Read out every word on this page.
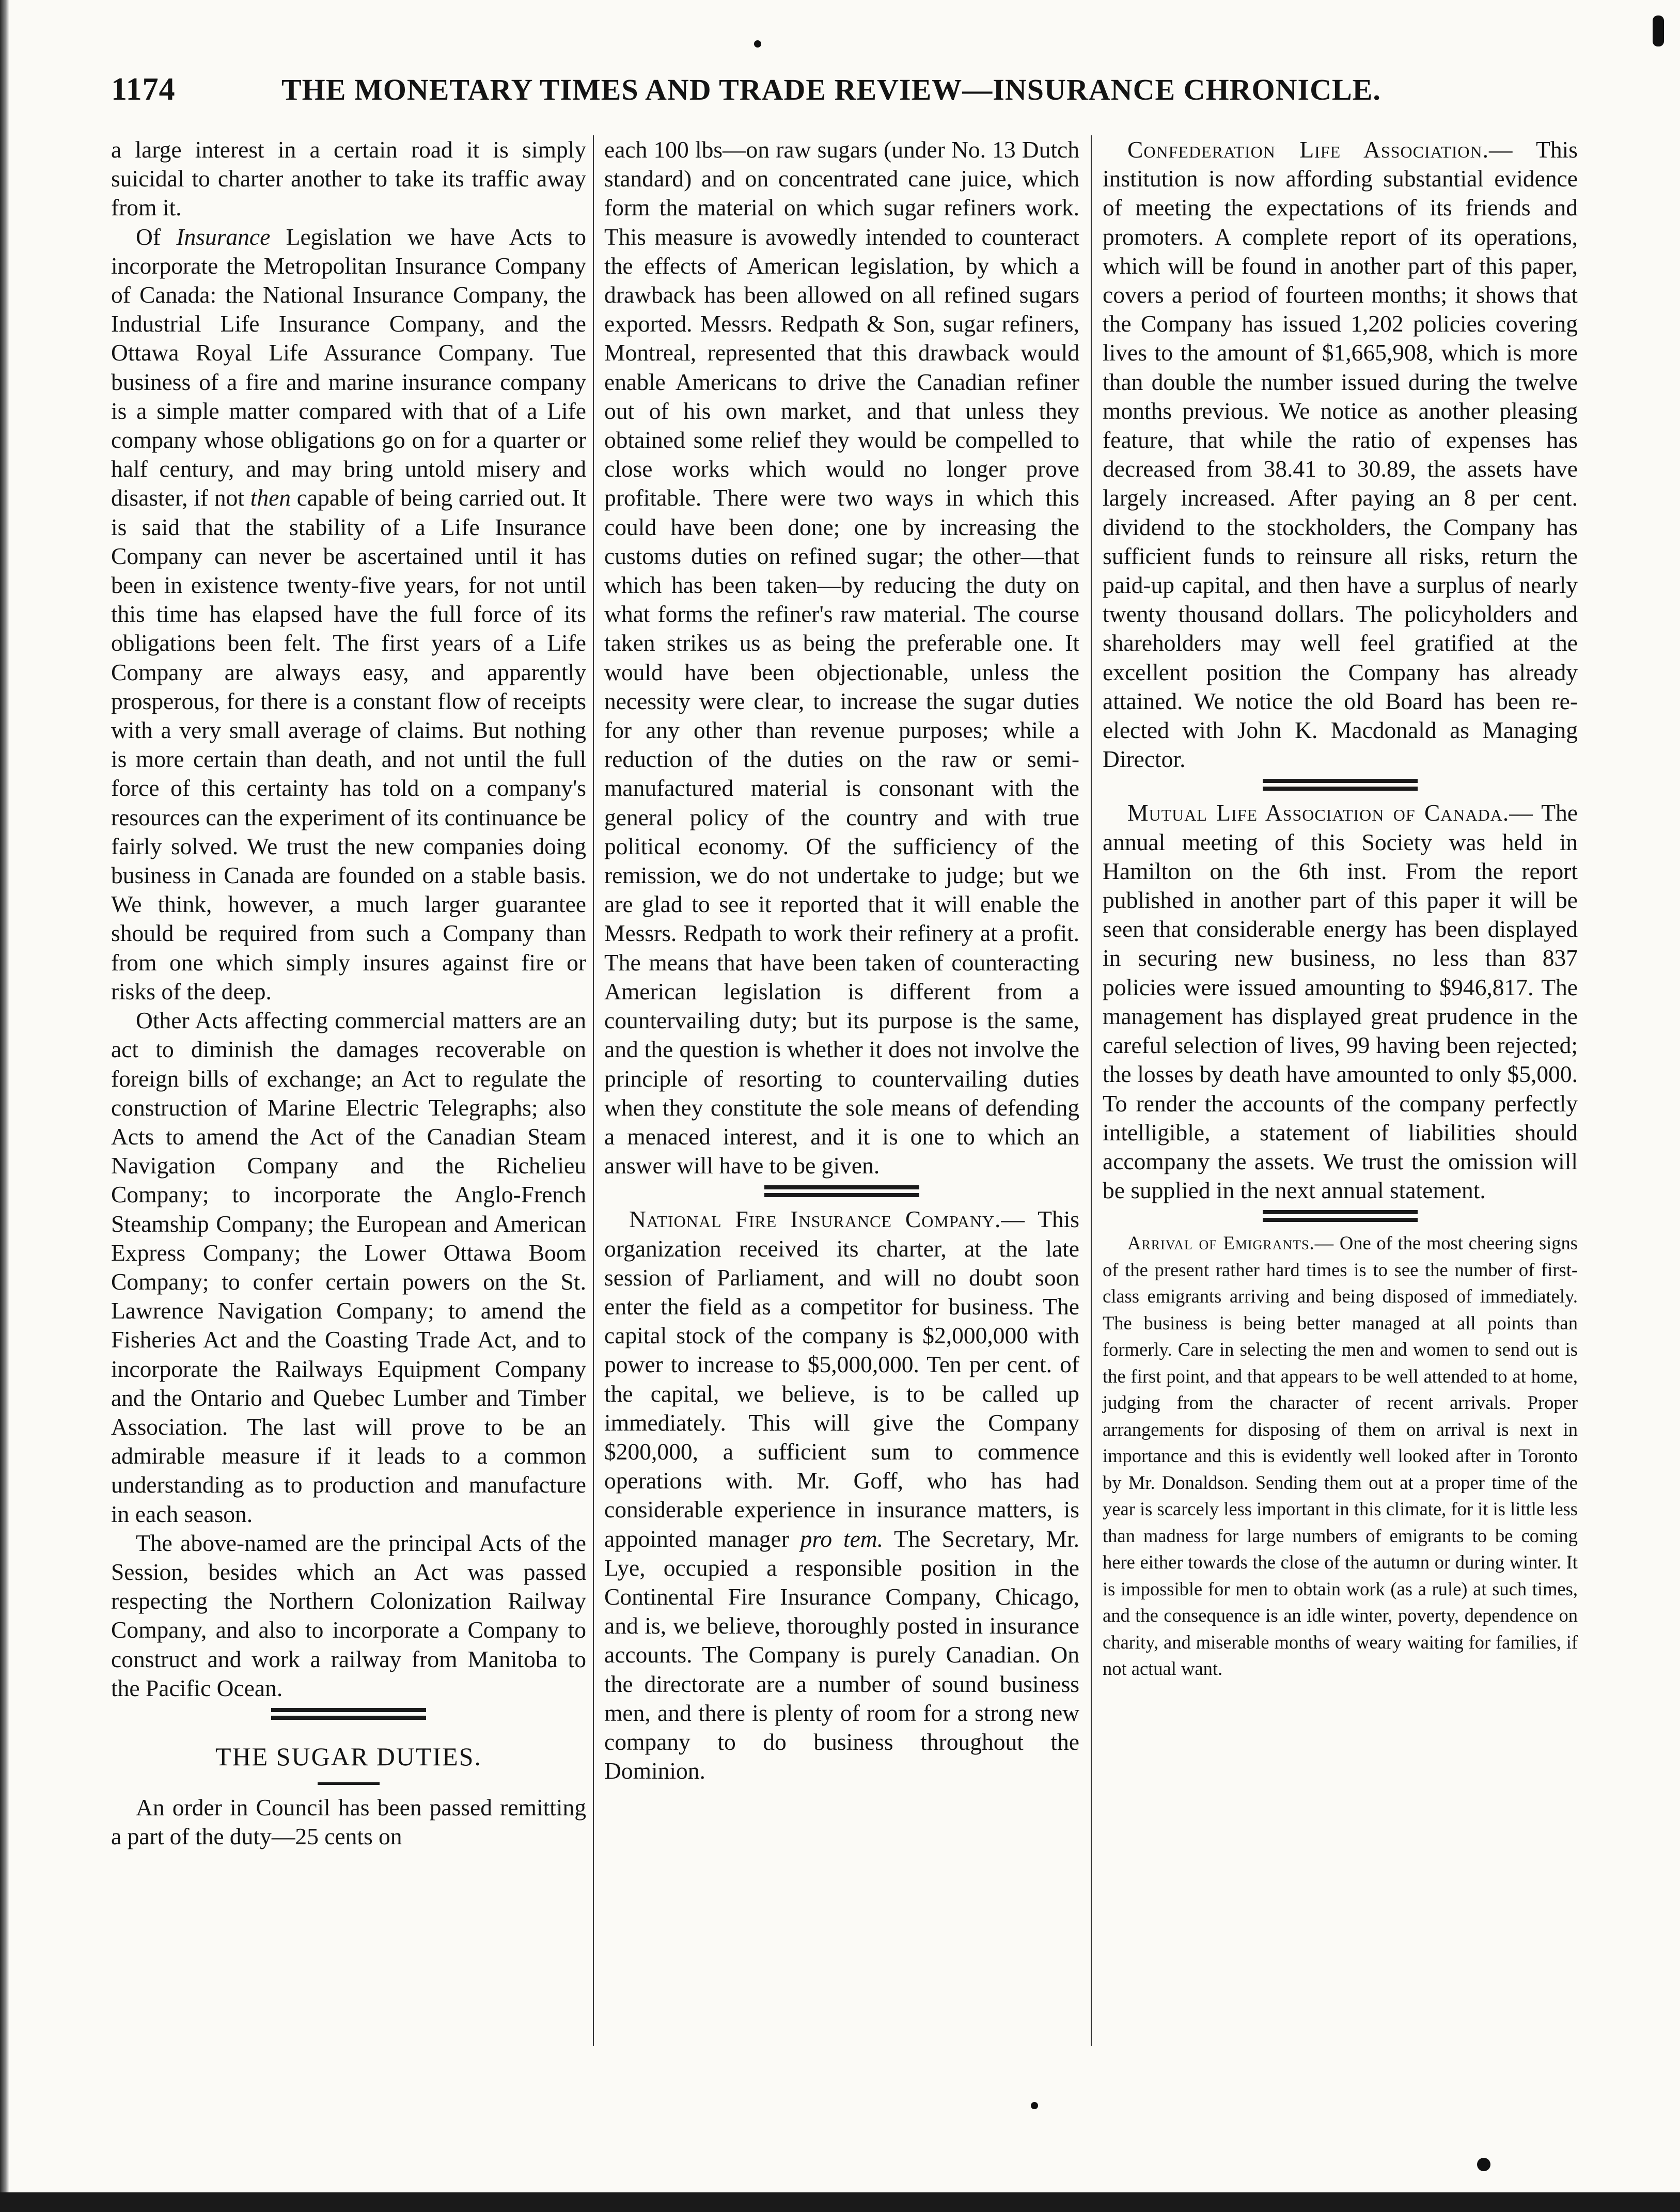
1174	THE MONETARY TIMES AND TRADE REVIEW—INSURANCE CHRONICLE.

a large interest in a certain road it is simply suicidal to charter another to take its traffic away from it.

Of Insurance Legislation we have Acts to incorporate the Metropolitan Insurance Company of Canada: the National Insurance Company, the Industrial Life Insurance Company, and the Ottawa Royal Life Assurance Company. Tue business of a fire and marine insurance company is a simple matter compared with that of a Life company whose obligations go on for a quarter or half century, and may bring untold misery and disaster, if not then capable of being carried out. It is said that the stability of a Life Insurance Company can never be ascertained until it has been in existence twenty-five years, for not until this time has elapsed have the full force of its obligations been felt. The first years of a Life Company are always easy, and apparently prosperous, for there is a constant flow of receipts with a very small average of claims. But nothing is more certain than death, and not until the full force of this certainty has told on a company's resources can the experiment of its continuance be fairly solved. We trust the new companies doing business in Canada are founded on a stable basis. We think, however, a much larger guarantee should be required from such a Company than from one which simply insures against fire or risks of the deep.

Other Acts affecting commercial matters are an act to diminish the damages recoverable on foreign bills of exchange; an Act to regulate the construction of Marine Electric Telegraphs; also Acts to amend the Act of the Canadian Steam Navigation Company and the Richelieu Company; to incorporate the Anglo-French Steamship Company; the European and American Express Company; the Lower Ottawa Boom Company; to confer certain powers on the St. Lawrence Navigation Company; to amend the Fisheries Act and the Coasting Trade Act, and to incorporate the Railways Equipment Company and the Ontario and Quebec Lumber and Timber Association. The last will prove to be an admirable measure if it leads to a common understanding as to production and manufacture in each season.

The above-named are the principal Acts of the Session, besides which an Act was passed respecting the Northern Colonization Railway Company, and also to incorporate a Company to construct and work a railway from Manitoba to the Pacific Ocean.

THE SUGAR DUTIES.

An order in Council has been passed remitting a part of the duty—25 cents on

each 100 lbs—on raw sugars (under No. 13 Dutch standard) and on concentrated cane juice, which form the material on which sugar refiners work. This measure is avowedly intended to counteract the effects of American legislation, by which a drawback has been allowed on all refined sugars exported. Messrs. Redpath & Son, sugar refiners, Montreal, represented that this drawback would enable Americans to drive the Canadian refiner out of his own market, and that unless they obtained some relief they would be compelled to close works which would no longer prove profitable. There were two ways in which this could have been done; one by increasing the customs duties on refined sugar; the other—that which has been taken—by reducing the duty on what forms the refiner's raw material. The course taken strikes us as being the preferable one. It would have been objectionable, unless the necessity were clear, to increase the sugar duties for any other than revenue purposes; while a reduction of the duties on the raw or semi-manufactured material is consonant with the general policy of the country and with true political economy. Of the sufficiency of the remission, we do not undertake to judge; but we are glad to see it reported that it will enable the Messrs. Redpath to work their refinery at a profit. The means that have been taken of counteracting American legislation is different from a countervailing duty; but its purpose is the same, and the question is whether it does not involve the principle of resorting to countervailing duties when they constitute the sole means of defending a menaced interest, and it is one to which an answer will have to be given.

National Fire Insurance Company.— This organization received its charter, at the late session of Parliament, and will no doubt soon enter the field as a competitor for business. The capital stock of the company is $2,000,000 with power to increase to $5,000,000. Ten per cent. of the capital, we believe, is to be called up immediately. This will give the Company $200,000, a sufficient sum to commence operations with. Mr. Goff, who has had considerable experience in insurance matters, is appointed manager pro tem. The Secretary, Mr. Lye, occupied a responsible position in the Continental Fire Insurance Company, Chicago, and is, we believe, thoroughly posted in insurance accounts. The Company is purely Canadian. On the directorate are a number of sound business men, and there is plenty of room for a strong new company to do business throughout the Dominion.

Confederation Life Association.— This institution is now affording substantial evidence of meeting the expectations of its friends and promoters. A complete report of its operations, which will be found in another part of this paper, covers a period of fourteen months; it shows that the Company has issued 1,202 policies covering lives to the amount of $1,665,908, which is more than double the number issued during the twelve months previous. We notice as another pleasing feature, that while the ratio of expenses has decreased from 38.41 to 30.89, the assets have largely increased. After paying an 8 per cent. dividend to the stockholders, the Company has sufficient funds to reinsure all risks, return the paid-up capital, and then have a surplus of nearly twenty thousand dollars. The policyholders and shareholders may well feel gratified at the excellent position the Company has already attained. We notice the old Board has been re-elected with John K. Macdonald as Managing Director.

Mutual Life Association of Canada.— The annual meeting of this Society was held in Hamilton on the 6th inst. From the report published in another part of this paper it will be seen that considerable energy has been displayed in securing new business, no less than 837 policies were issued amounting to $946,817. The management has displayed great prudence in the careful selection of lives, 99 having been rejected; the losses by death have amounted to only $5,000. To render the accounts of the company perfectly intelligible, a statement of liabilities should accompany the assets. We trust the omission will be supplied in the next annual statement.

Arrival of Emigrants.— One of the most cheering signs of the present rather hard times is to see the number of first-class emigrants arriving and being disposed of immediately. The business is being better managed at all points than formerly. Care in selecting the men and women to send out is the first point, and that appears to be well attended to at home, judging from the character of recent arrivals. Proper arrangements for disposing of them on arrival is next in importance and this is evidently well looked after in Toronto by Mr. Donaldson. Sending them out at a proper time of the year is scarcely less important in this climate, for it is little less than madness for large numbers of emigrants to be coming here either towards the close of the autumn or during winter. It is impossible for men to obtain work (as a rule) at such times, and the consequence is an idle winter, poverty, dependence on charity, and miserable months of weary waiting for families, if not actual want.
